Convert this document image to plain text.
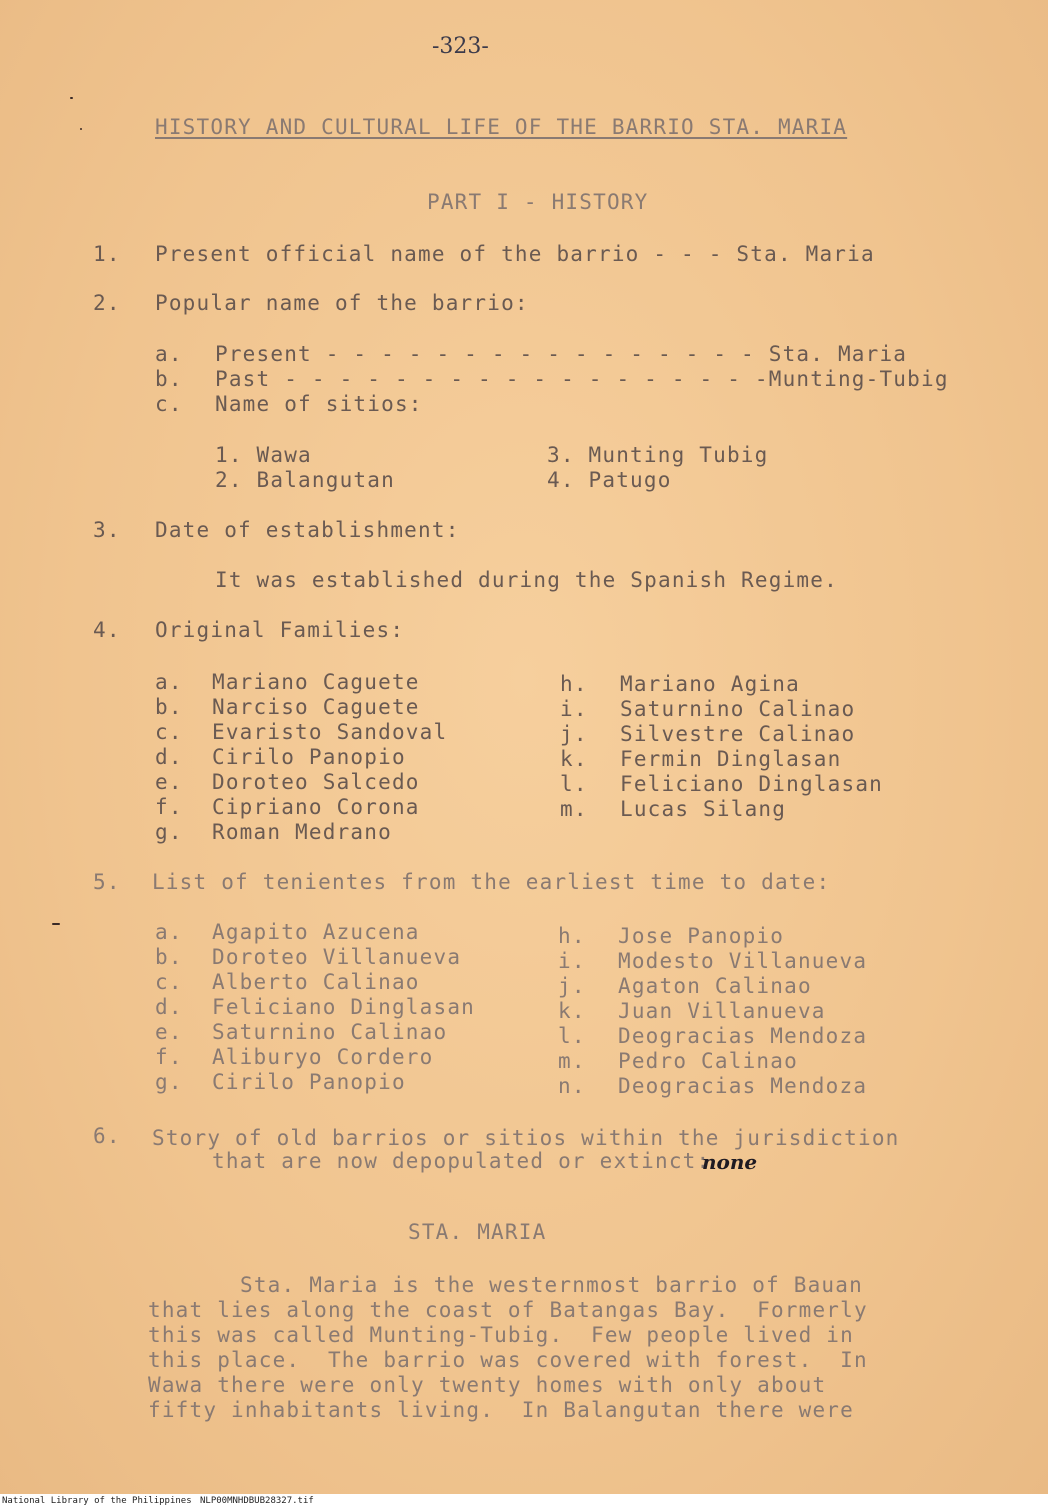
-323-
HISTORY AND CULTURAL LIFE OF THE BARRIO STA. MARIA
PART I - HISTORY
1. Present official name of the barrio - - - Sta. Maria
2. Popular name of the barrio:
a. Present - - - - - - - - - - - - - - - - Sta. Maria
b. Past - - - - - - - - - - - - - - - - - -Munting-Tubig
c. Name of sitios:
1. Wawa
2. Balangutan
3. Munting Tubig
4. Patugo
3. Date of establishment:
It was established during the Spanish Regime.
4. Original Families:
a. Mariano Caguete
b. Narciso Caguete
c. Evaristo Sandoval
d. Cirilo Panopio
e. Doroteo Salcedo
f. Cipriano Corona
g. Roman Medrano
h. Mariano Agina
i. Saturnino Calinao
j. Silvestre Calinao
k. Fermin Dinglasan
l. Feliciano Dinglasan
m. Lucas Silang
5. List of tenientes from the earliest time to date:
a. Agapito Azucena
b. Doroteo Villanueva
c. Alberto Calinao
d. Feliciano Dinglasan
e. Saturnino Calinao
f. Aliburyo Cordero
g. Cirilo Panopio
h. Jose Panopio
i. Modesto Villanueva
j. Agaton Calinao
k. Juan Villanueva
l. Deogracias Mendoza
m. Pedro Calinao
n. Deogracias Mendoza
6. Story of old barrios or sitios within the jurisdiction
that are now depopulated or extinct:
none
STA. MARIA
Sta. Maria is the westernmost barrio of Bauan
that lies along the coast of Batangas Bay.  Formerly
this was called Munting-Tubig.  Few people lived in
this place.  The barrio was covered with forest.  In
Wawa there were only twenty homes with only about
fifty inhabitants living.  In Balangutan there were
National Library of the Philippines NLP00MNHDBUB28327.tif
